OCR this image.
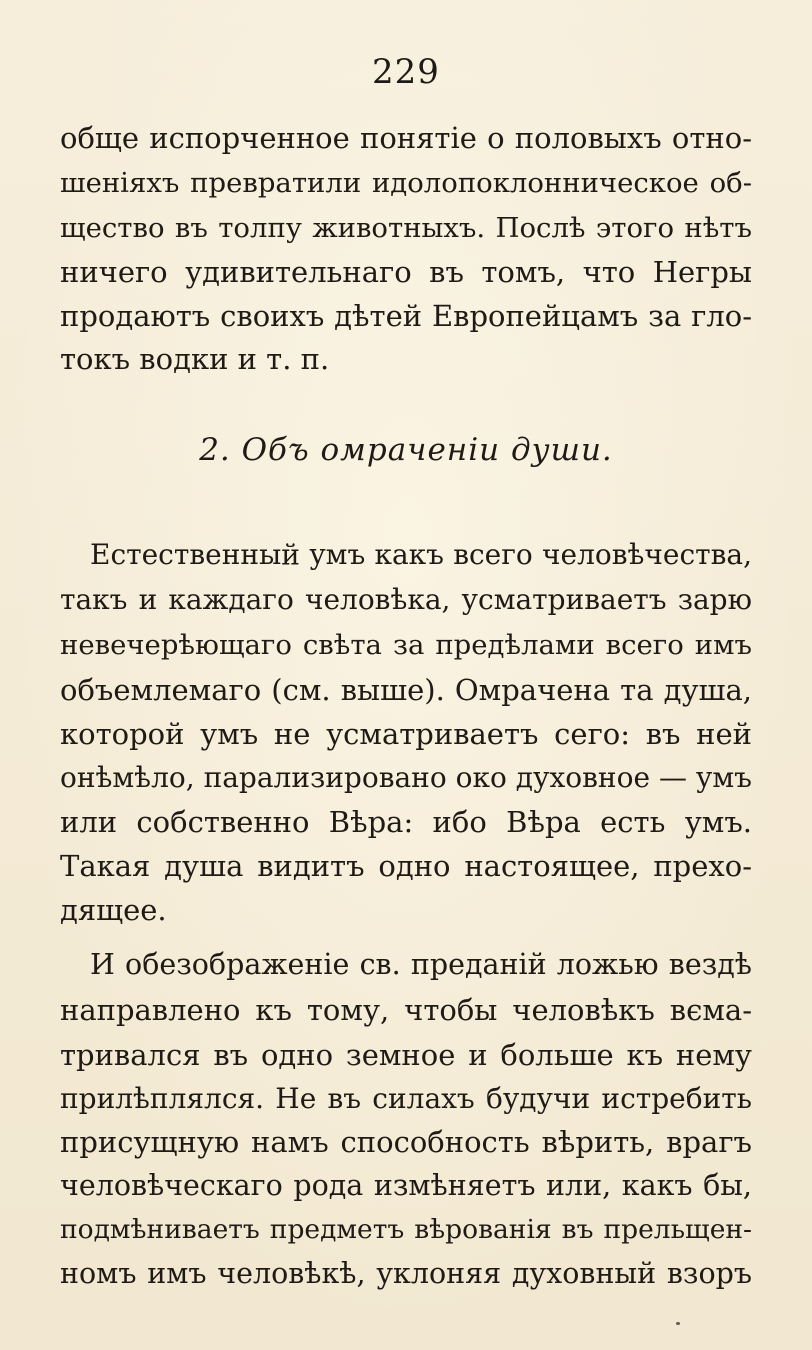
229
обще испорченное понятіе о половыхъ отно-
шеніяхъ превратили идолопоклонническое об-
щество въ толпу животныхъ. Послѣ этого нѣтъ
ничего удивительнаго въ томъ, что Негры
продаютъ своихъ дѣтей Европейцамъ за гло-
токъ водки и т. п.
2. Объ омраченіи души.
Естественный умъ какъ всего человѣчества,
такъ и каждаго человѣка, усматриваетъ зарю
невечерѣющаго свѣта за предѣлами всего имъ
объемлемаго (см. выше). Омрачена та душа,
которой умъ не усматриваетъ сего: въ ней
онѣмѣло, парализировано око духовное — умъ
или собственно Вѣра: ибо Вѣра есть умъ.
Такая душа видитъ одно настоящее, прехо-
дящее.
И обезображеніе св. преданій ложью вездѣ
направлено къ тому, чтобы человѣкъ вєма-
тривался въ одно земное и больше къ нему
прилѣплялся. Не въ силахъ будучи истребить
присущную намъ способность вѣрить, врагъ
человѣческаго рода измѣняетъ или, какъ бы,
подмѣниваетъ предметъ вѣрованія въ прельщен-
номъ имъ человѣкѣ, уклоняя духовный взоръ
